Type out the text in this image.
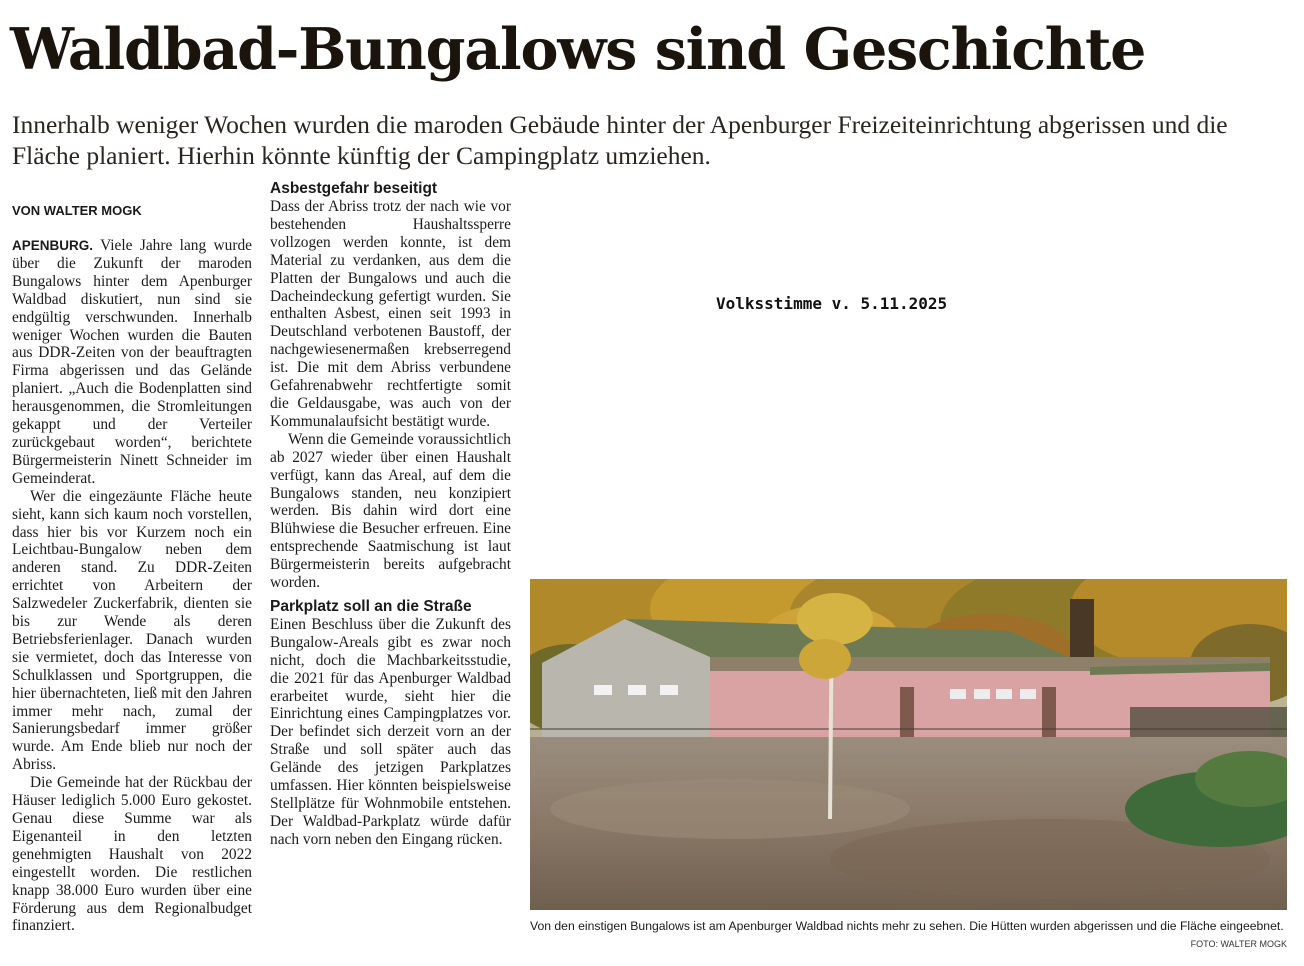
Waldbad-Bungalows sind Geschichte

Innerhalb weniger Wochen wurden die maroden Gebäude hinter der Apenburger Freizeiteinrichtung abgerissen und die Fläche planiert. Hierhin könnte künftig der Campingplatz umziehen.

VON WALTER MOGK

APENBURG. Viele Jahre lang wurde über die Zukunft der maroden Bungalows hinter dem Apenburger Waldbad diskutiert, nun sind sie endgültig verschwunden. Innerhalb weniger Wochen wurden die Bauten aus DDR-Zeiten von der beauftragten Firma abgerissen und das Gelände planiert. „Auch die Bodenplatten sind herausgenommen, die Stromleitungen gekappt und der Verteiler zurückgebaut worden“, berichtete Bürgermeisterin Ninett Schneider im Gemeinderat.

Wer die eingezäunte Fläche heute sieht, kann sich kaum noch vorstellen, dass hier bis vor Kurzem noch ein Leichtbau-Bungalow neben dem anderen stand. Zu DDR-Zeiten errichtet von Arbeitern der Salzwedeler Zuckerfabrik, dienten sie bis zur Wende als deren Betriebsferienlager. Danach wurden sie vermietet, doch das Interesse von Schulklassen und Sportgruppen, die hier übernachteten, ließ mit den Jahren immer mehr nach, zumal der Sanierungsbedarf immer größer wurde. Am Ende blieb nur noch der Abriss.

Die Gemeinde hat der Rückbau der Häuser lediglich 5.000 Euro gekostet. Genau diese Summe war als Eigenanteil in den letzten genehmigten Haushalt von 2022 eingestellt worden. Die restlichen knapp 38.000 Euro wurden über eine Förderung aus dem Regionalbudget finanziert.

Asbestgefahr beseitigt

Dass der Abriss trotz der nach wie vor bestehenden Haushaltssperre vollzogen werden konnte, ist dem Material zu verdanken, aus dem die Platten der Bungalows und auch die Dacheindeckung gefertigt wurden. Sie enthalten Asbest, einen seit 1993 in Deutschland verbotenen Baustoff, der nachgewiesenermaßen krebserregend ist. Die mit dem Abriss verbundene Gefahrenabwehr rechtfertigte somit die Geldausgabe, was auch von der Kommunalaufsicht bestätigt wurde.

Wenn die Gemeinde voraussichtlich ab 2027 wieder über einen Haushalt verfügt, kann das Areal, auf dem die Bungalows standen, neu konzipiert werden. Bis dahin wird dort eine Blühwiese die Besucher erfreuen. Eine entsprechende Saatmischung ist laut Bürgermeisterin bereits aufgebracht worden.

Parkplatz soll an die Straße

Einen Beschluss über die Zukunft des Bungalow-Areals gibt es zwar noch nicht, doch die Machbarkeitsstudie, die 2021 für das Apenburger Waldbad erarbeitet wurde, sieht hier die Einrichtung eines Campingplatzes vor. Der befindet sich derzeit vorn an der Straße und soll später auch das Gelände des jetzigen Parkplatzes umfassen. Hier könnten beispielsweise Stellplätze für Wohnmobile entstehen. Der Waldbad-Parkplatz würde dafür nach vorn neben den Eingang rücken.

Volksstimme v. 5.11.2025

Von den einstigen Bungalows ist am Apenburger Waldbad nichts mehr zu sehen. Die Hütten wurden abgerissen und die Fläche eingeebnet.

FOTO: WALTER MOGK
